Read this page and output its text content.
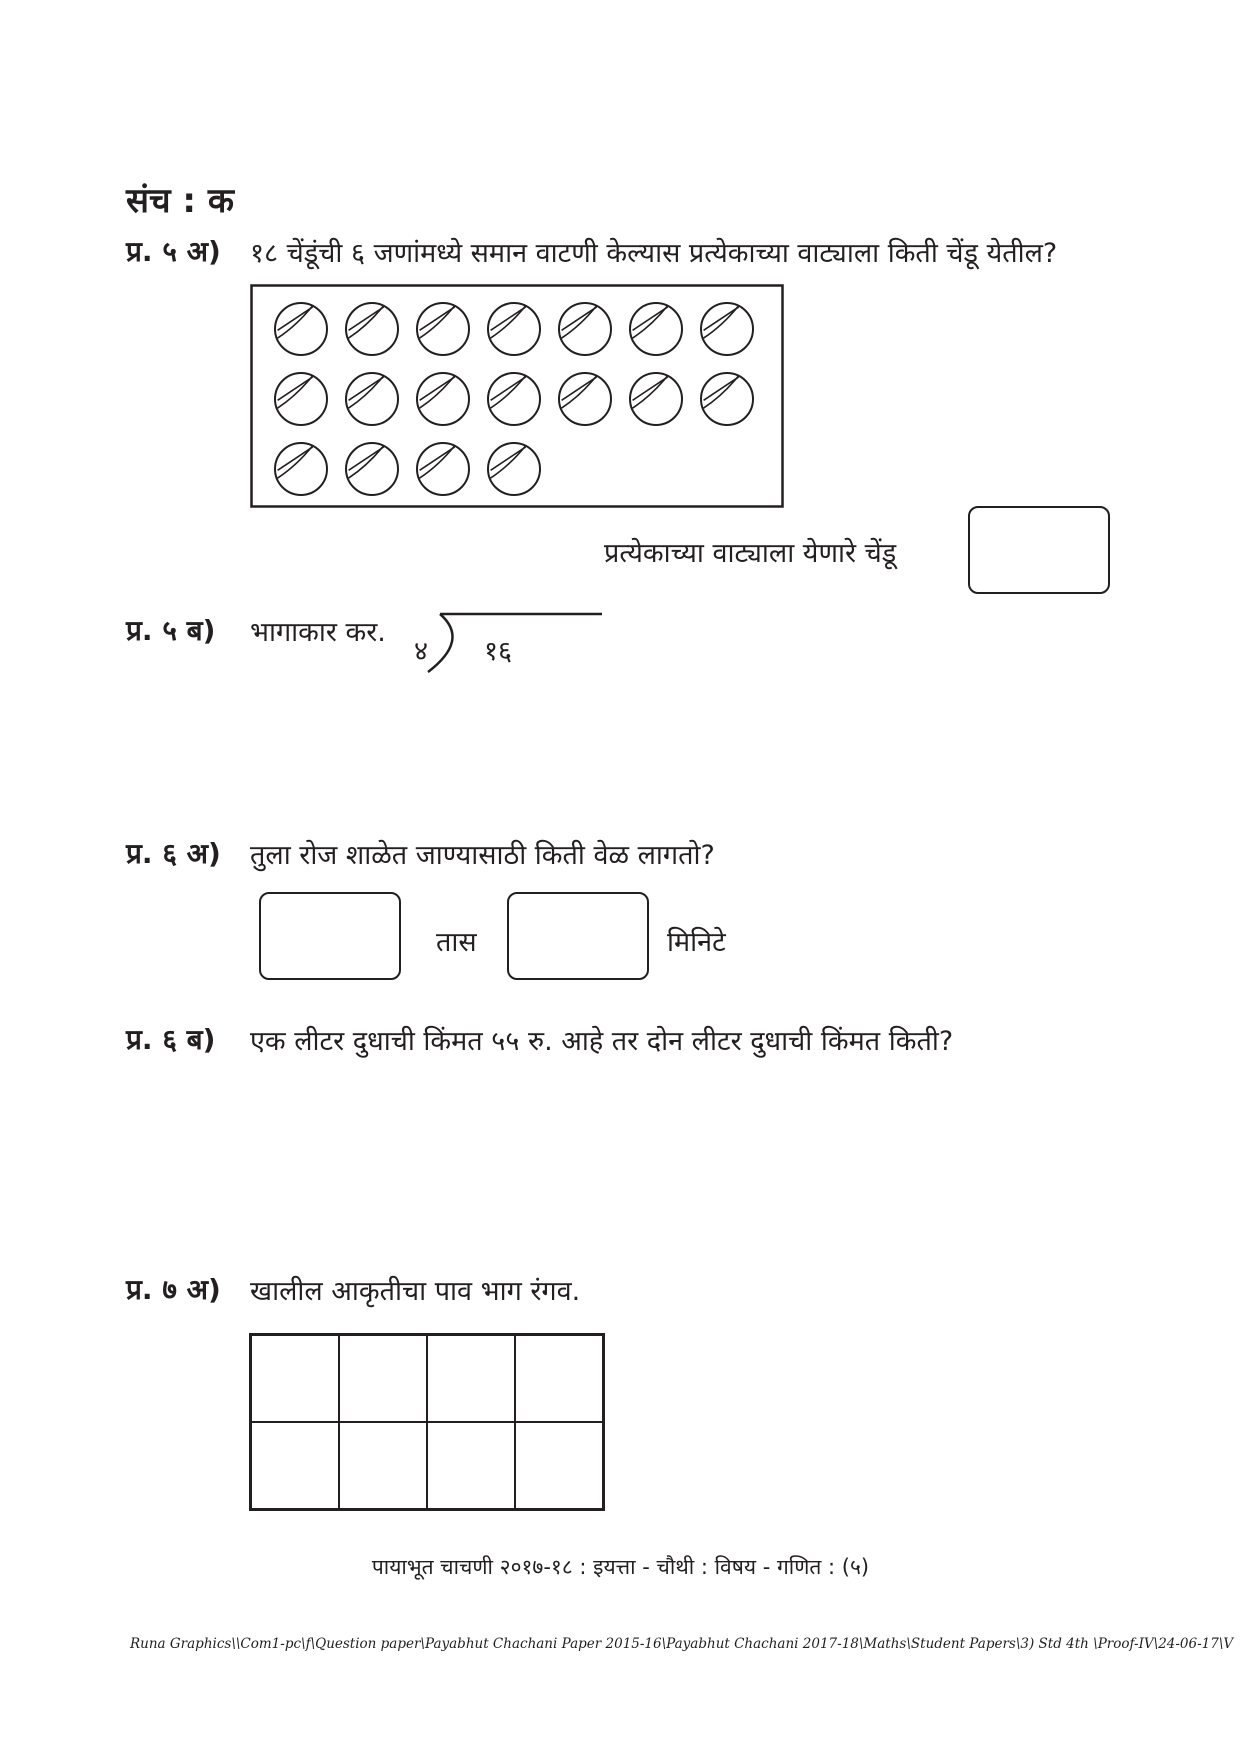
संच : क
प्र. ५ अ) १८ चेंडूंची ६ जणांमध्ये समान वाटणी केल्यास प्रत्येकाच्या वाट्याला किती चेंडू येतील?
प्रत्येकाच्या वाट्याला येणारे चेंडू
प्र. ५ ब) भागाकार कर.
४ १६
प्र. ६ अ) तुला रोज शाळेत जाण्यासाठी किती वेळ लागतो?
तास	मिनिटे
प्र. ६ ब) एक लीटर दुधाची किंमत ५५ रु. आहे तर दोन लीटर दुधाची किंमत किती?
प्र. ७ अ) खालील आकृतीचा पाव भाग रंगव.
पायाभूत चाचणी २०१७-१८ : इयत्ता - चौथी : विषय - गणित : (५)
Runa Graphics\\Com1-pc\f\Question paper\Payabhut Chachani Paper 2015-16\Payabhut Chachani 2017-18\Maths\Student Papers\3) Std 4th \Proof-IV\24-06-17\V
